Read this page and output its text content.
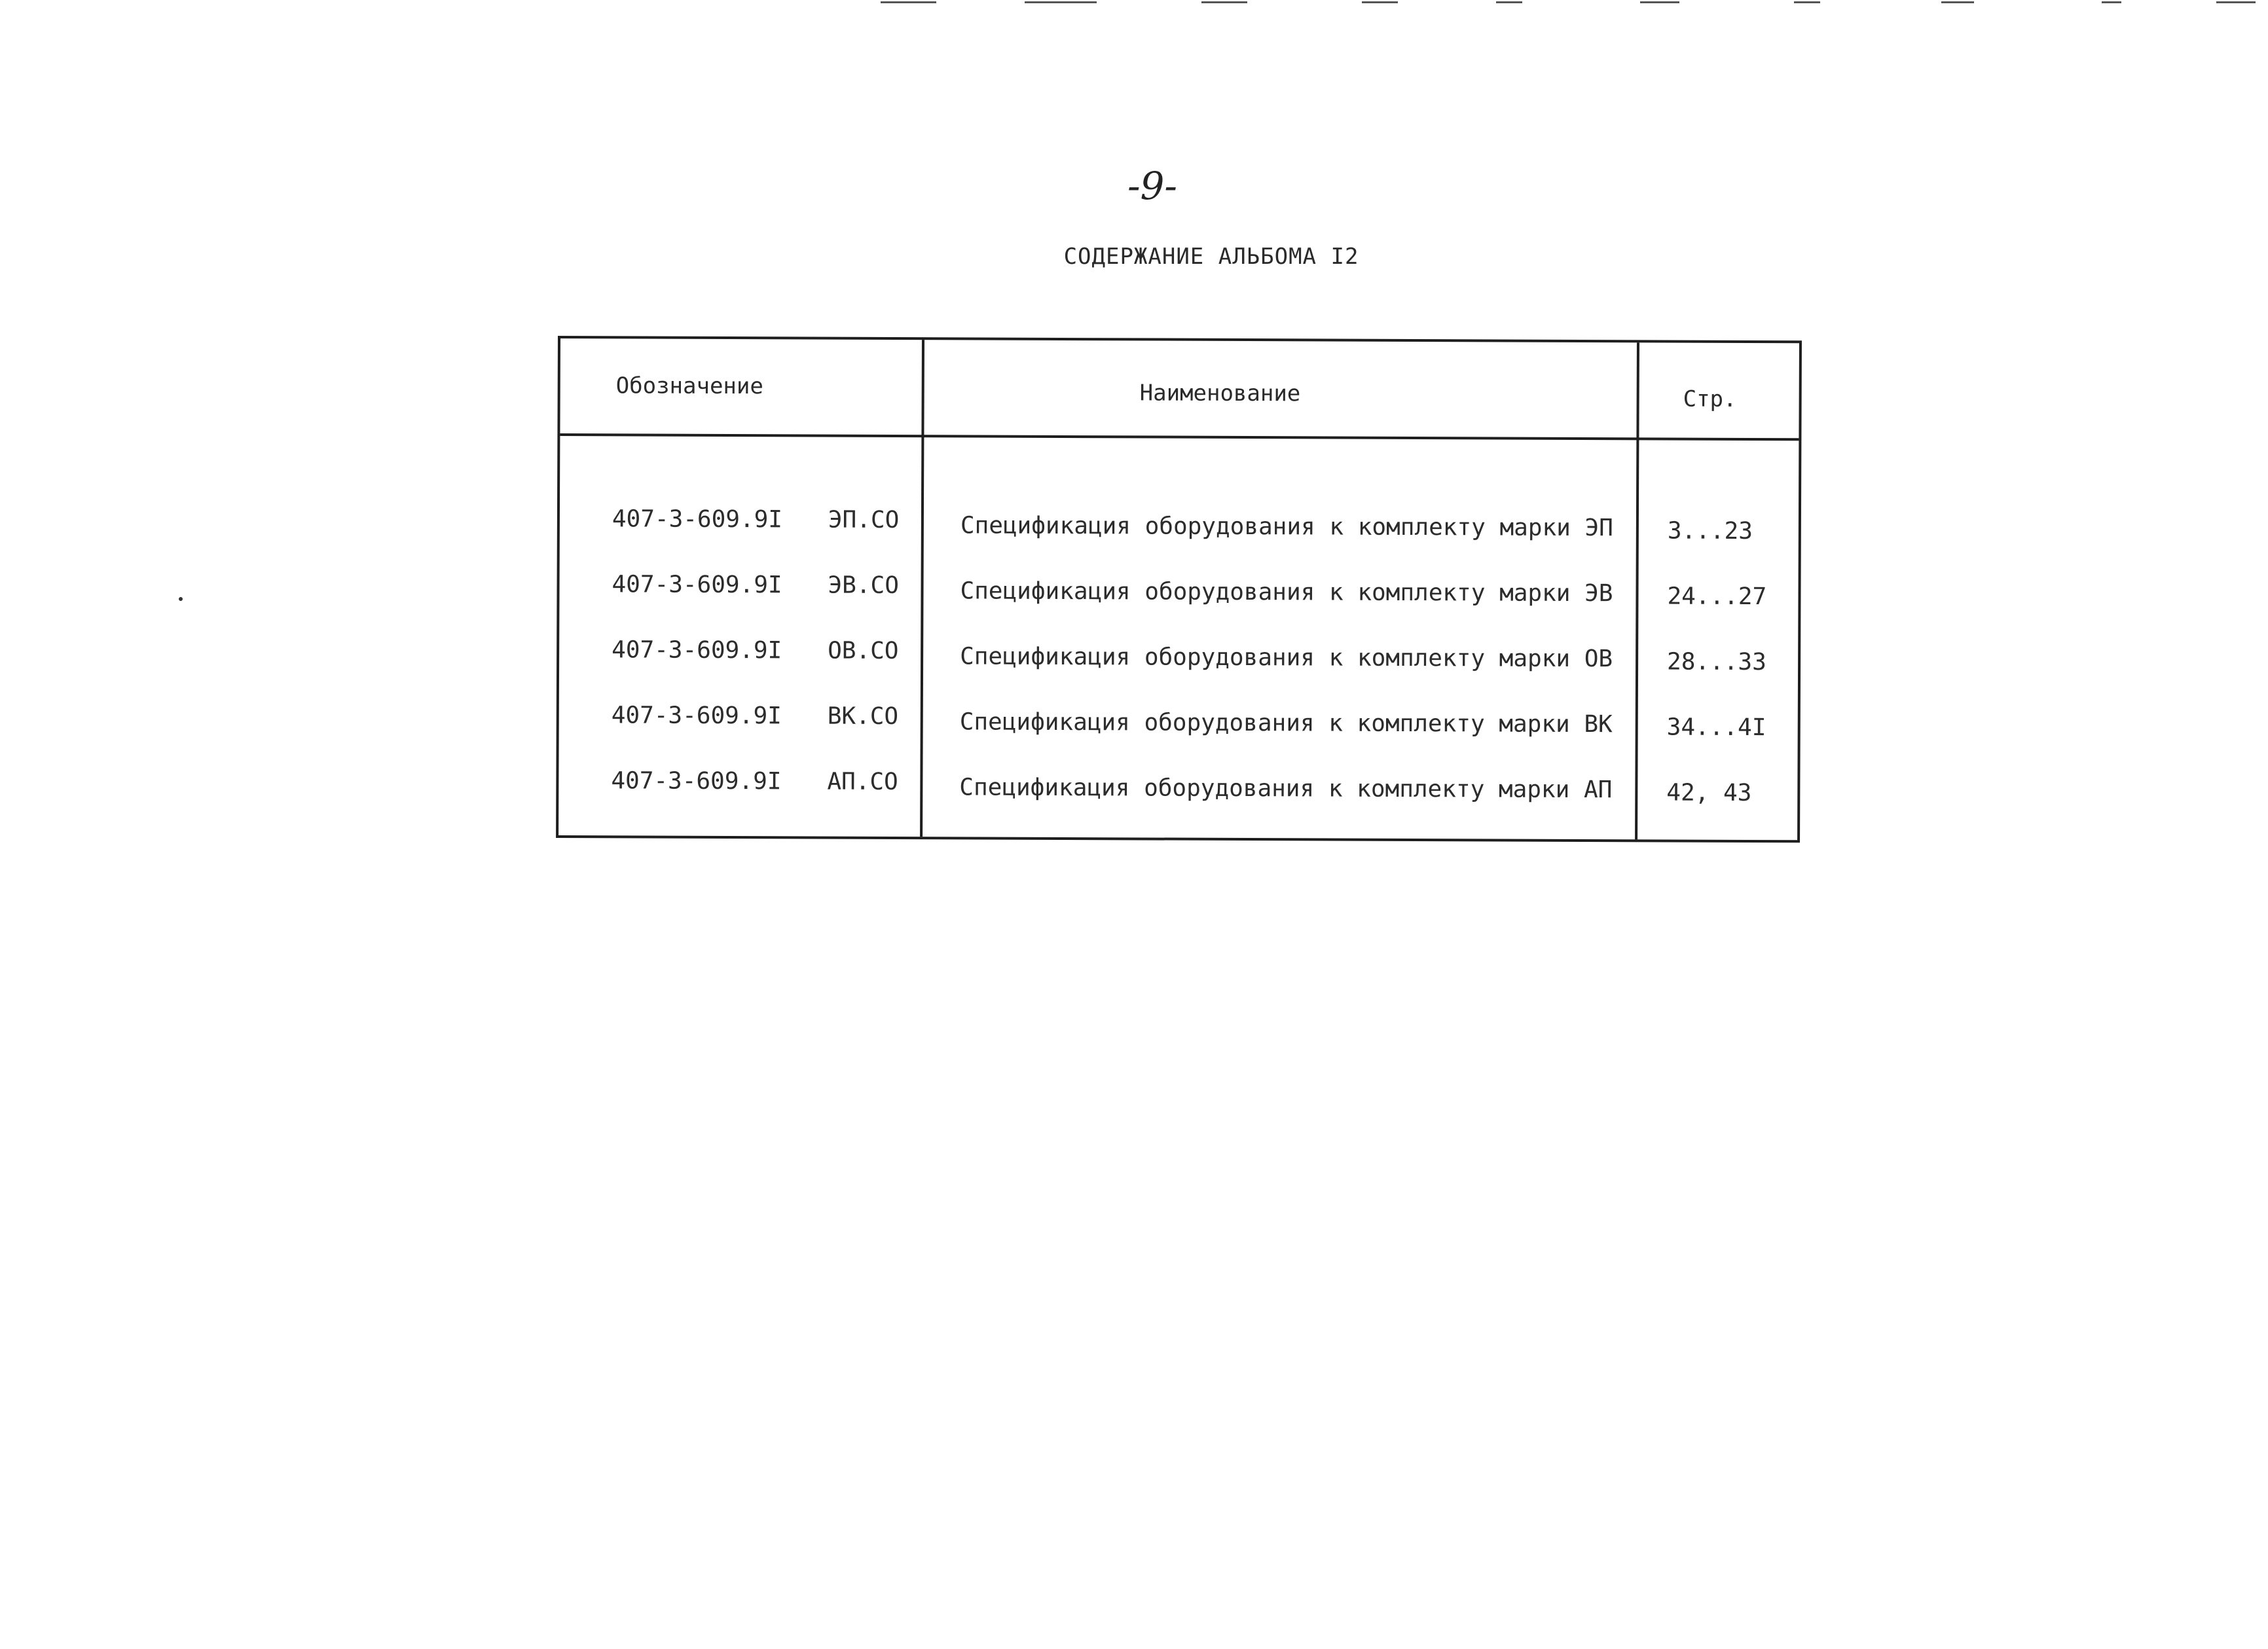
-9-
СОДЕРЖАНИЕ АЛЬБОМА I2
Обозначение	Наименование	Стр.
407-3-609.9I ЭП.СО	Спецификация оборудования к комплекту марки ЭП 3...23
407-3-609.9I ЭВ.СО	Спецификация оборудования к комплекту марки ЭВ 24...27
407-3-609.9I ОВ.СО	Спецификация оборудования к комплекту марки ОВ 28...33
407-3-609.9I ВК.СО	Спецификация оборудования к комплекту марки ВК 34...4I
407-3-609.9I АП.СО	Спецификация оборудования к комплекту марки АП 42, 43
